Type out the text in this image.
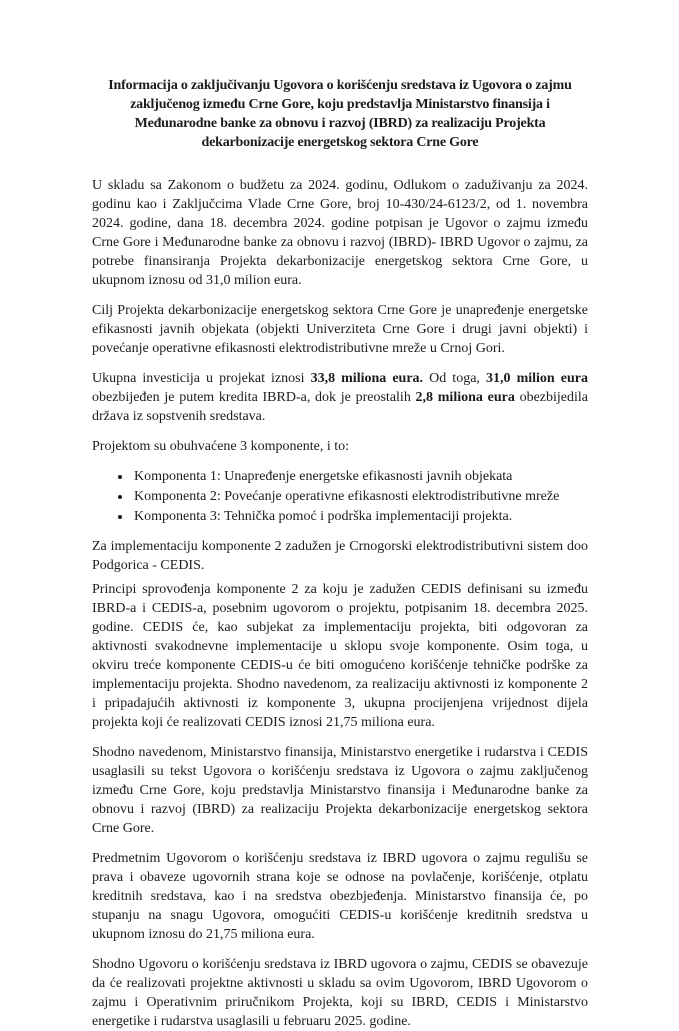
Informacija o zaključivanju Ugovora o korišćenju sredstava iz Ugovora o zajmu zaključenog između Crne Gore, koju predstavlja Ministarstvo finansija i Međunarodne banke za obnovu i razvoj (IBRD) za realizaciju Projekta dekarbonizacije energetskog sektora Crne Gore

U skladu sa Zakonom o budžetu za 2024. godinu, Odlukom o zaduživanju za 2024. godinu kao i Zaključcima Vlade Crne Gore, broj 10-430/24-6123/2, od 1. novembra 2024. godine, dana 18. decembra 2024. godine potpisan je Ugovor o zajmu između Crne Gore i Međunarodne banke za obnovu i razvoj (IBRD)- IBRD Ugovor o zajmu, za potrebe finansiranja Projekta dekarbonizacije energetskog sektora Crne Gore, u ukupnom iznosu od 31,0 milion eura.

Cilj Projekta dekarbonizacije energetskog sektora Crne Gore je unapređenje energetske efikasnosti javnih objekata (objekti Univerziteta Crne Gore i drugi javni objekti) i povećanje operativne efikasnosti elektrodistributivne mreže u Crnoj Gori.

Ukupna investicija u projekat iznosi 33,8 miliona eura. Od toga, 31,0 milion eura obezbijeđen je putem kredita IBRD-a, dok je preostalih 2,8 miliona eura obezbijedila država iz sopstvenih sredstava.

Projektom su obuhvaćene 3 komponente, i to:

• Komponenta 1: Unapređenje energetske efikasnosti javnih objekata
• Komponenta 2: Povećanje operativne efikasnosti elektrodistributivne mreže
• Komponenta 3: Tehnička pomoć i podrška implementaciji projekta.

Za implementaciju komponente 2 zadužen je Crnogorski elektrodistributivni sistem doo Podgorica - CEDIS.

Principi sprovođenja komponente 2 za koju je zadužen CEDIS definisani su između IBRD-a i CEDIS-a, posebnim ugovorom o projektu, potpisanim 18. decembra 2025. godine. CEDIS će, kao subjekat za implementaciju projekta, biti odgovoran za aktivnosti svakodnevne implementacije u sklopu svoje komponente. Osim toga, u okviru treće komponente CEDIS-u će biti omogućeno korišćenje tehničke podrške za implementaciju projekta. Shodno navedenom, za realizaciju aktivnosti iz komponente 2 i pripadajućih aktivnosti iz komponente 3, ukupna procijenjena vrijednost dijela projekta koji će realizovati CEDIS iznosi 21,75 miliona eura.

Shodno navedenom, Ministarstvo finansija, Ministarstvo energetike i rudarstva i CEDIS usaglasili su tekst Ugovora o korišćenju sredstava iz Ugovora o zajmu zaključenog između Crne Gore, koju predstavlja Ministarstvo finansija i Međunarodne banke za obnovu i razvoj (IBRD) za realizaciju Projekta dekarbonizacije energetskog sektora Crne Gore.

Predmetnim Ugovorom o korišćenju sredstava iz IBRD ugovora o zajmu regulišu se prava i obaveze ugovornih strana koje se odnose na povlačenje, korišćenje, otplatu kreditnih sredstava, kao i na sredstva obezbjeđenja. Ministarstvo finansija će, po stupanju na snagu Ugovora, omogućiti CEDIS-u korišćenje kreditnih sredstva u ukupnom iznosu do 21,75 miliona eura.

Shodno Ugovoru o korišćenju sredstava iz IBRD ugovora o zajmu, CEDIS se obavezuje da će realizovati projektne aktivnosti u skladu sa ovim Ugovorom, IBRD Ugovorom o zajmu i Operativnim priručnikom Projekta, koji su IBRD, CEDIS i Ministarstvo energetike i rudarstva usaglasili u februaru 2025. godine.
